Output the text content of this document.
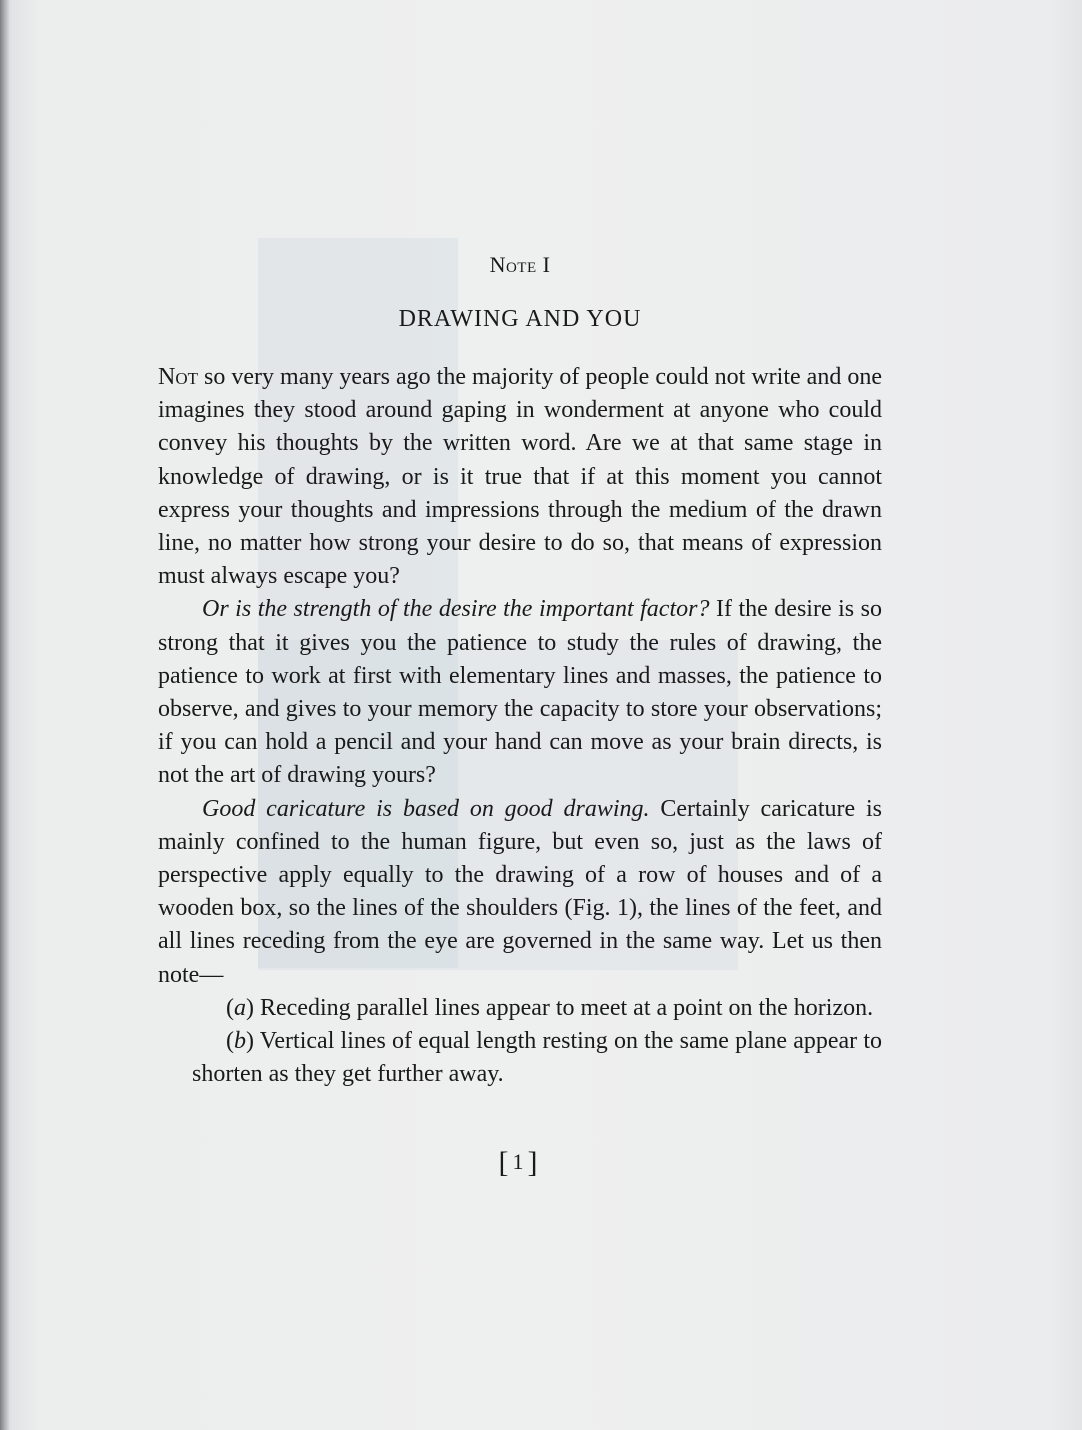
Note I
DRAWING AND YOU

Not so very many years ago the majority of people could not write and one imagines they stood around gaping in wonderment at anyone who could convey his thoughts by the written word. Are we at that same stage in knowledge of drawing, or is it true that if at this moment you cannot express your thoughts and impressions through the medium of the drawn line, no matter how strong your desire to do so, that means of expression must always escape you?

Or is the strength of the desire the important factor? If the desire is so strong that it gives you the patience to study the rules of drawing, the patience to work at first with elementary lines and masses, the patience to observe, and gives to your memory the capacity to store your observations; if you can hold a pencil and your hand can move as your brain directs, is not the art of drawing yours?

Good caricature is based on good drawing. Certainly caricature is mainly confined to the human figure, but even so, just as the laws of perspective apply equally to the drawing of a row of houses and of a wooden box, so the lines of the shoulders (Fig. 1), the lines of the feet, and all lines receding from the eye are governed in the same way. Let us then note—

(a) Receding parallel lines appear to meet at a point on the horizon.

(b) Vertical lines of equal length resting on the same plane appear to shorten as they get further away.

[1]
